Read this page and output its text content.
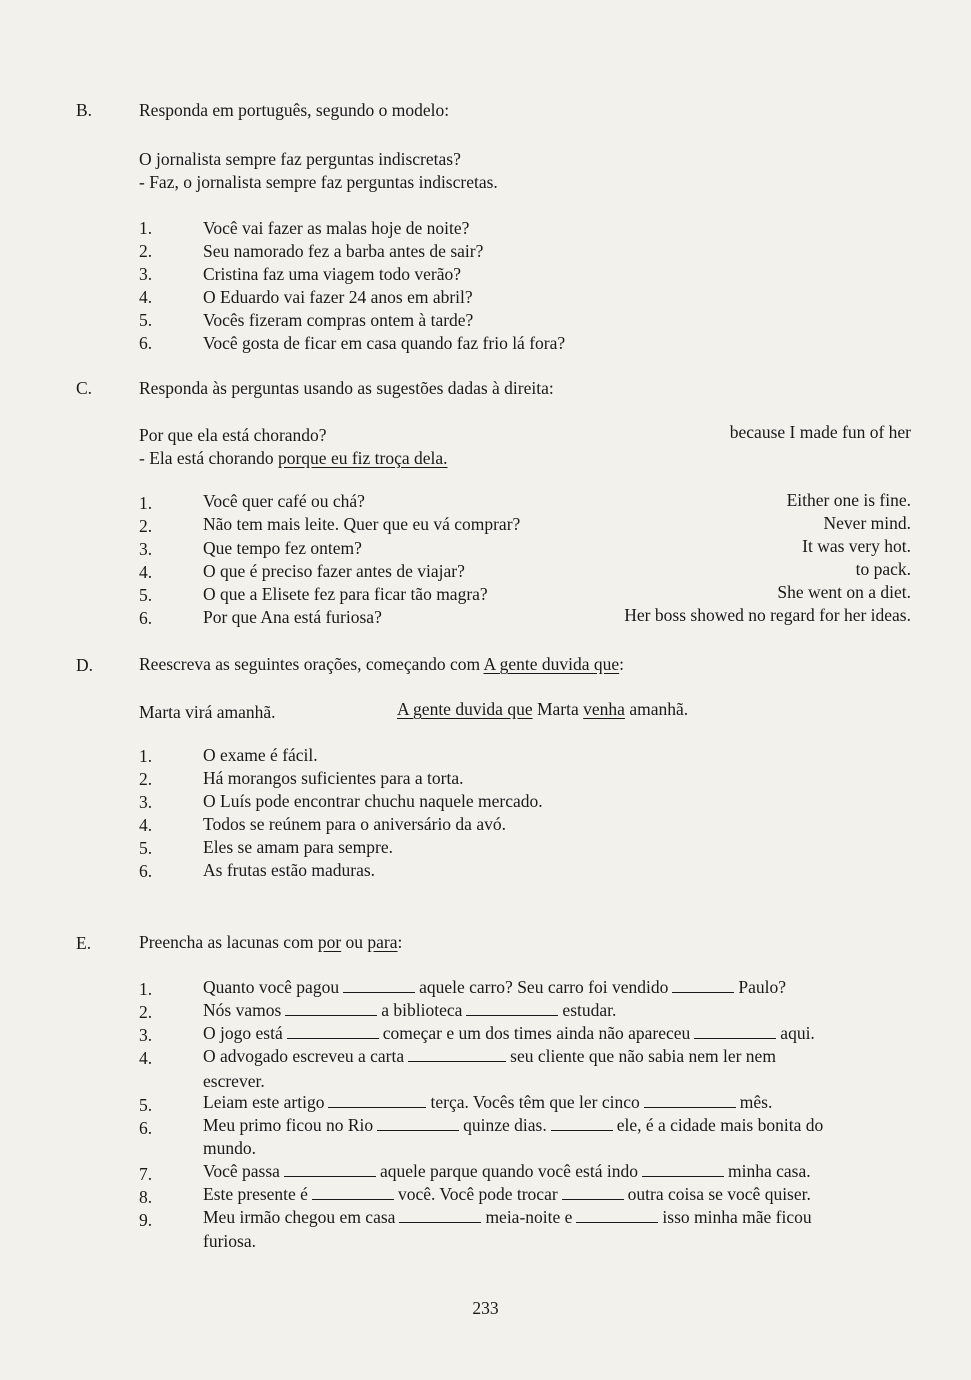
B.	Responda em português, segundo o modelo:
O jornalista sempre faz perguntas indiscretas?
- Faz, o jornalista sempre faz perguntas indiscretas.
1.	Você vai fazer as malas hoje de noite?
2.	Seu namorado fez a barba antes de sair?
3.	Cristina faz uma viagem todo verão?
4.	O Eduardo vai fazer 24 anos em abril?
5.	Vocês fizeram compras ontem à tarde?
6.	Você gosta de ficar em casa quando faz frio lá fora?
C.	Responda às perguntas usando as sugestões dadas à direita:
Por que ela está chorando?	because I made fun of her
- Ela está chorando porque eu fiz troça dela.
1.	Você quer café ou chá?	Either one is fine.
2.	Não tem mais leite. Quer que eu vá comprar?	Never mind.
3.	Que tempo fez ontem?	It was very hot.
4.	O que é preciso fazer antes de viajar?	to pack.
5.	O que a Elisete fez para ficar tão magra?	She went on a diet.
6.	Por que Ana está furiosa?	Her boss showed no regard for her ideas.
D.	Reescreva as seguintes orações, começando com A gente duvida que:
Marta virá amanhã.	A gente duvida que Marta venha amanhã.
1.	O exame é fácil.
2.	Há morangos suficientes para a torta.
3.	O Luís pode encontrar chuchu naquele mercado.
4.	Todos se reúnem para o aniversário da avó.
5.	Eles se amam para sempre.
6.	As frutas estão maduras.
E.	Preencha as lacunas com por ou para:
1.	Quanto você pagou	aquele carro? Seu carro foi vendido	Paulo?
2.	Nós vamos	a biblioteca	estudar.
3.	O jogo está	começar e um dos times ainda não apareceu	aqui.
4.	O advogado escreveu a carta	seu cliente que não sabia nem ler nem
escrever.
5.	Leiam este artigo	terça. Vocês têm que ler cinco	mês.
6.	Meu primo ficou no Rio	quinze dias.	ele, é a cidade mais bonita do
mundo.
7.	Você passa	aquele parque quando você está indo	minha casa.
8.	Este presente é	você. Você pode trocar	outra coisa se você quiser.
9.	Meu irmão chegou em casa	meia-noite e	isso minha mãe ficou
furiosa.
233
